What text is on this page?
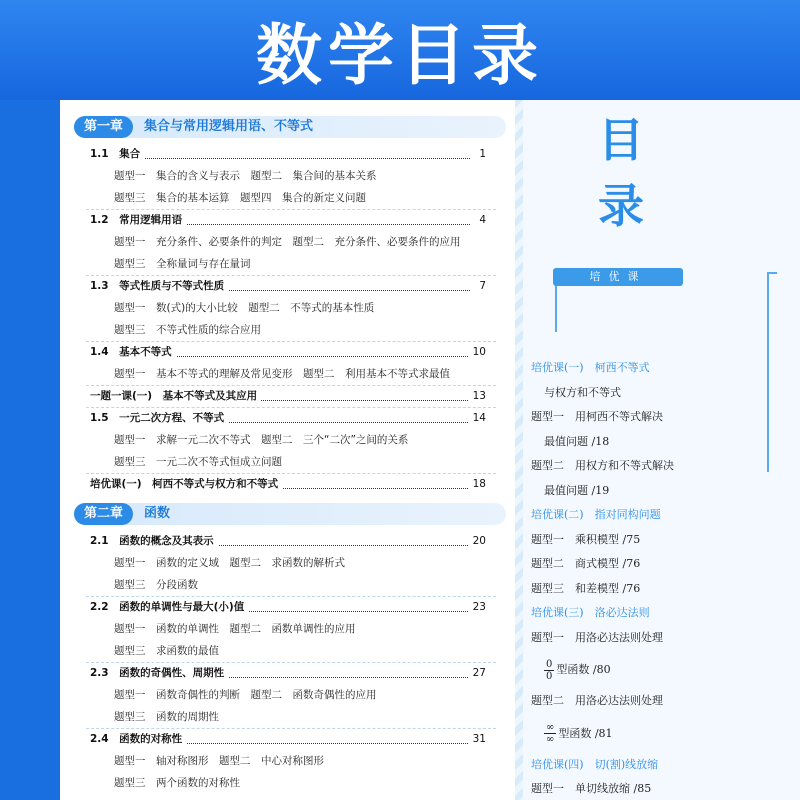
数学目录
第一章	集合与常用逻辑用语、不等式
1.1　集合	1
题型一　集合的含义与表示　题型二　集合间的基本关系
题型三　集合的基本运算　题型四　集合的新定义问题
1.2　常用逻辑用语	4
题型一　充分条件、必要条件的判定　题型二　充分条件、必要条件的应用
题型三　全称量词与存在量词
1.3　等式性质与不等式性质	7
题型一　数(式)的大小比较　题型二　不等式的基本性质
题型三　不等式性质的综合应用
1.4　基本不等式	10
题型一　基本不等式的理解及常见变形　题型二　利用基本不等式求最值
一题一课(一)　基本不等式及其应用	13
1.5　一元二次方程、不等式	14
题型一　求解一元二次不等式　题型二　三个“二次”之间的关系
题型三　一元二次不等式恒成立问题
培优课(一)　柯西不等式与权方和不等式	18
第二章	函数
2.1　函数的概念及其表示	20
题型一　函数的定义域　题型二　求函数的解析式
题型三　分段函数
2.2　函数的单调性与最大(小)值	23
题型一　函数的单调性　题型二　函数单调性的应用
题型三　求函数的最值
2.3　函数的奇偶性、周期性	27
题型一　函数奇偶性的判断　题型二　函数奇偶性的应用
题型三　函数的周期性
2.4　函数的对称性	31
题型一　轴对称图形　题型二　中心对称图形
题型三　两个函数的对称性
目
录
培优课
培优课(一)　柯西不等式
与权方和不等式
题型一　用柯西不等式解决
最值问题 /18
题型二　用权方和不等式解决
最值问题 /19
培优课(二)　指对同构问题
题型一　乘积模型 /75
题型二　商式模型 /76
题型三　和差模型 /76
培优课(三)　洛必达法则
题型一　用洛必达法则处理
$\frac{0}{0}$ 型函数 /80
题型二　用洛必达法则处理
$\frac{\infty}{\infty}$ 型函数 /81
培优课(四)　切(割)线放缩
题型一　单切线放缩 /85
